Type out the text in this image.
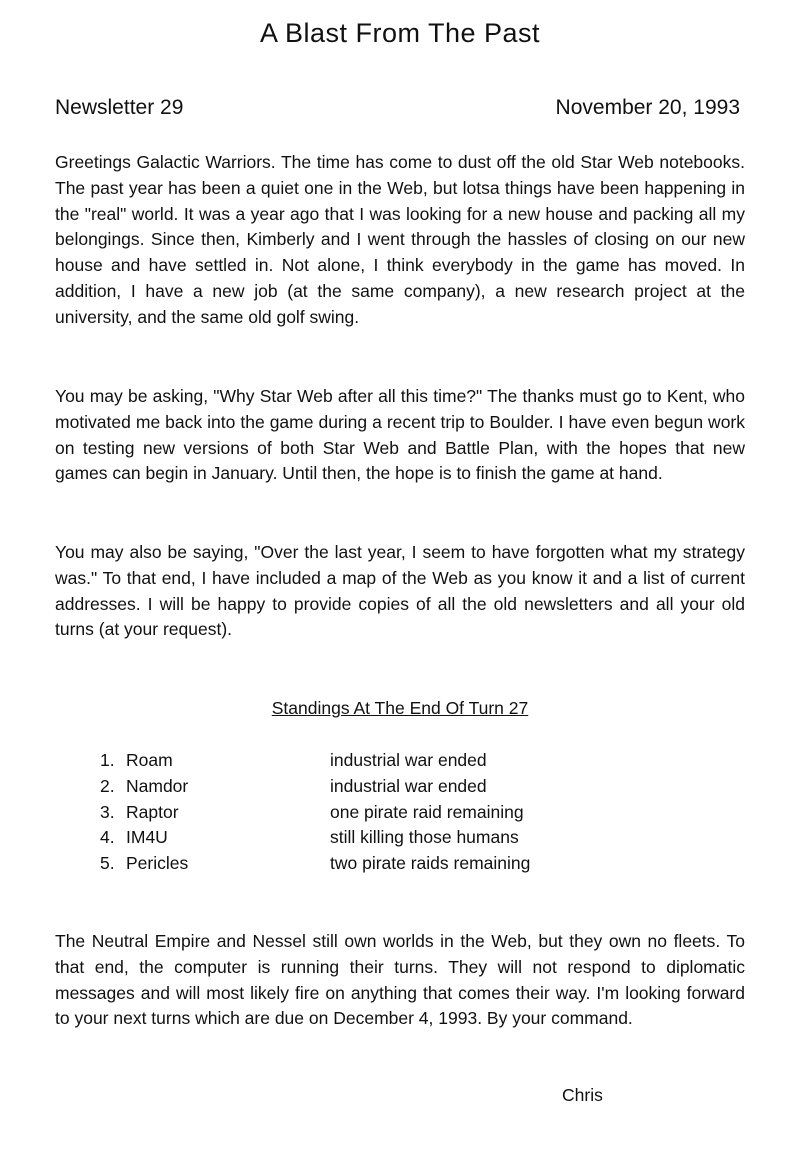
A Blast From The Past
Newsletter 29	November 20, 1993

Greetings Galactic Warriors. The time has come to dust off the old Star Web notebooks. The past year has been a quiet one in the Web, but lotsa things have been happening in the "real" world. It was a year ago that I was looking for a new house and packing all my belongings. Since then, Kimberly and I went through the hassles of closing on our new house and have settled in. Not alone, I think everybody in the game has moved. In addition, I have a new job (at the same company), a new research project at the university, and the same old golf swing.

You may be asking, "Why Star Web after all this time?" The thanks must go to Kent, who motivated me back into the game during a recent trip to Boulder. I have even begun work on testing new versions of both Star Web and Battle Plan, with the hopes that new games can begin in January. Until then, the hope is to finish the game at hand.

You may also be saying, "Over the last year, I seem to have forgotten what my strategy was." To that end, I have included a map of the Web as you know it and a list of current addresses. I will be happy to provide copies of all the old newsletters and all your old turns (at your request).

Standings At The End Of Turn 27
1. Roam	industrial war ended
2. Namdor	industrial war ended
3. Raptor	one pirate raid remaining
4. IM4U	still killing those humans
5. Pericles	two pirate raids remaining

The Neutral Empire and Nessel still own worlds in the Web, but they own no fleets. To that end, the computer is running their turns. They will not respond to diplomatic messages and will most likely fire on anything that comes their way. I'm looking forward to your next turns which are due on December 4, 1993. By your command.

Chris
